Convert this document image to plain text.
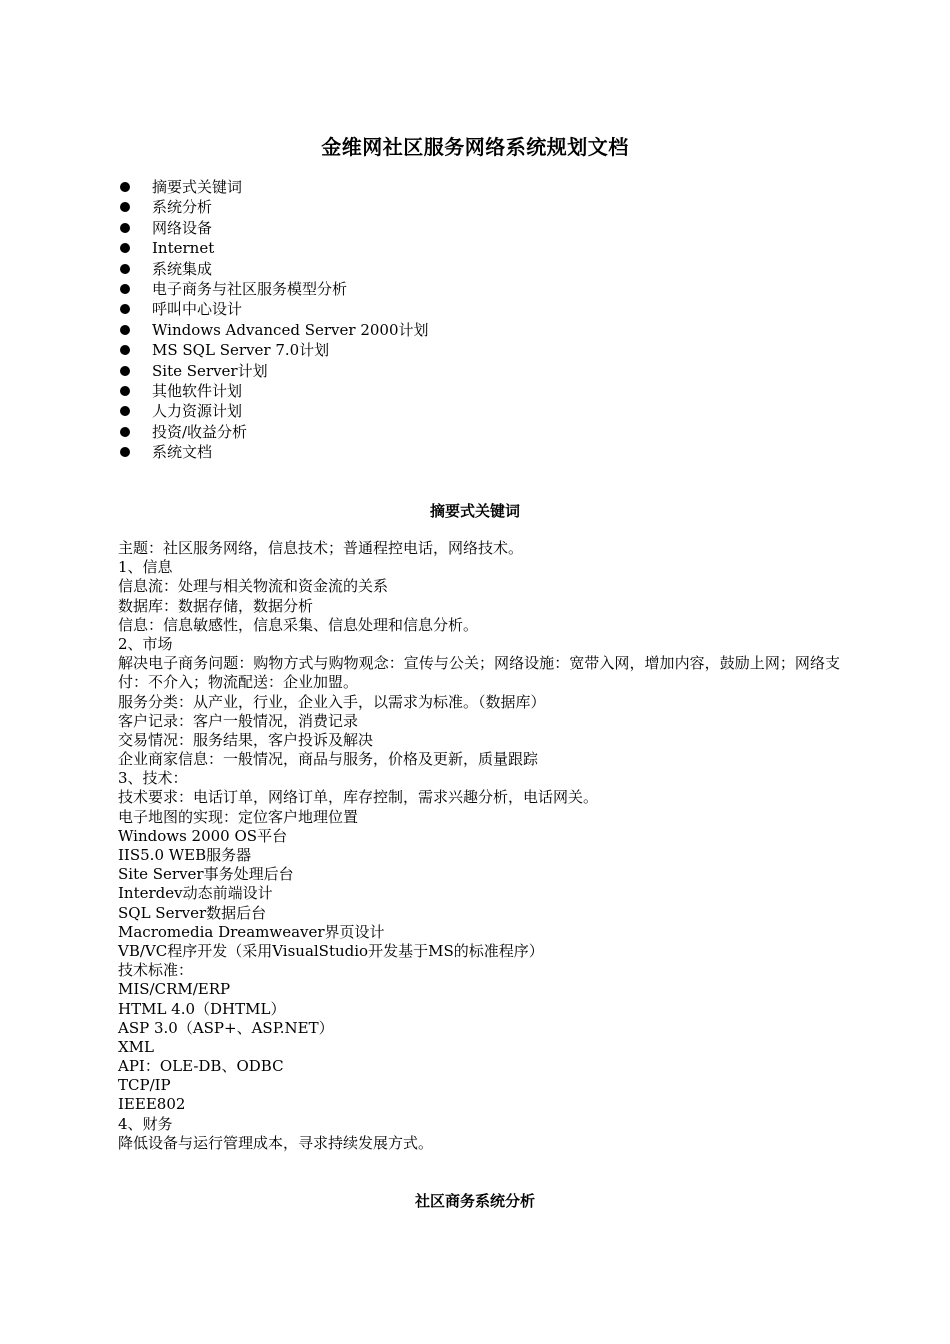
金维网社区服务网络系统规划文档
摘要式关键词
系统分析
网络设备
Internet
系统集成
电子商务与社区服务模型分析
呼叫中心设计
Windows Advanced Server 2000计划
MS SQL Server 7.0计划
Site Server计划
其他软件计划
人力资源计划
投资/收益分析
系统文档
摘要式关键词
主题：社区服务网络，信息技术；普通程控电话，网络技术。
1、信息
信息流：处理与相关物流和资金流的关系
数据库：数据存储，数据分析
信息：信息敏感性，信息采集、信息处理和信息分析。
2、市场
解决电子商务问题：购物方式与购物观念：宣传与公关；网络设施：宽带入网，增加内容，鼓励上网；网络支付：不介入；物流配送：企业加盟。
服务分类：从产业，行业，企业入手，以需求为标准。（数据库）
客户记录：客户一般情况，消费记录
交易情况：服务结果，客户投诉及解决
企业商家信息：一般情况，商品与服务，价格及更新，质量跟踪
3、技术：
技术要求：电话订单，网络订单，库存控制，需求兴趣分析，电话网关。
电子地图的实现：定位客户地理位置
Windows 2000 OS平台
IIS5.0 WEB服务器
Site Server事务处理后台
Interdev动态前端设计
SQL Server数据后台
Macromedia Dreamweaver界页设计
VB/VC程序开发（采用VisualStudio开发基于MS的标准程序）
技术标准：
MIS/CRM/ERP
HTML 4.0（DHTML）
ASP 3.0（ASP+、ASP.NET）
XML
API：OLE-DB、ODBC
TCP/IP
IEEE802
4、财务
降低设备与运行管理成本，寻求持续发展方式。
社区商务系统分析
